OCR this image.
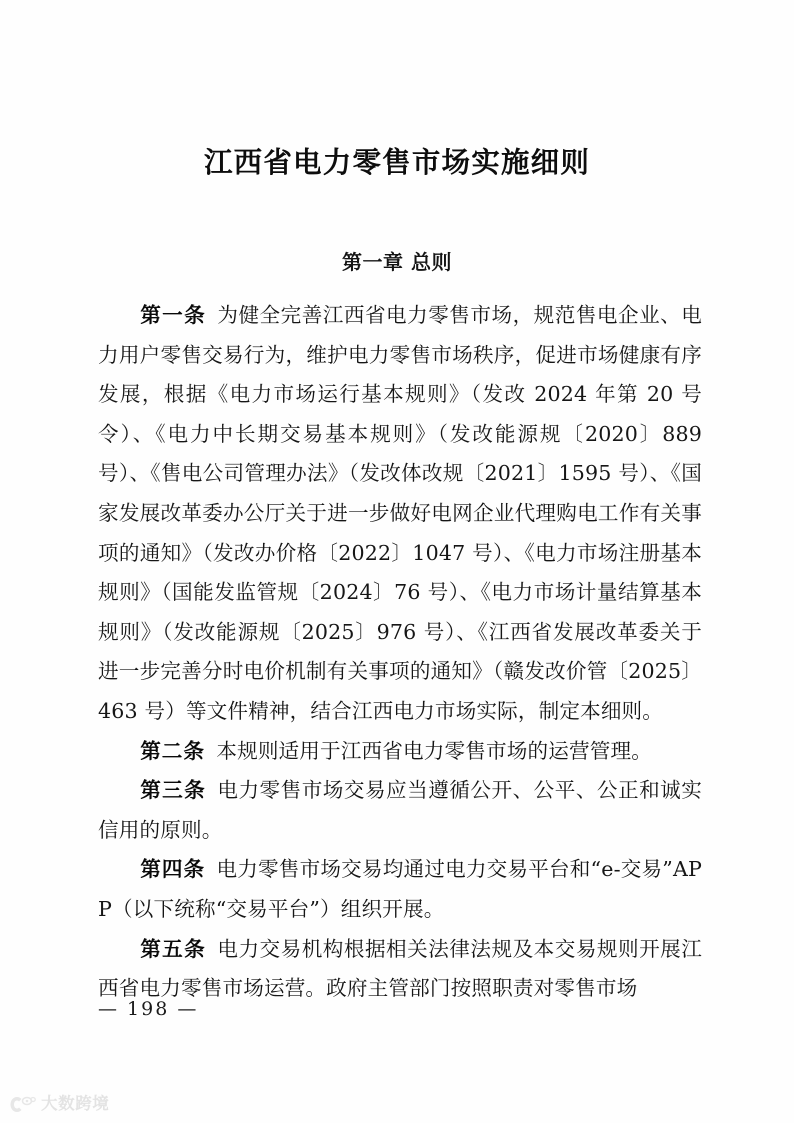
江西省电力零售市场实施细则
第一章 总则

第一条 为健全完善江西省电力零售市场，规范售电企业、电力用户零售交易行为，维护电力零售市场秩序，促进市场健康有序发展，根据《电力市场运行基本规则》（发改 2024 年第 20 号令）、《电力中长期交易基本规则》（发改能源规〔2020〕889 号）、《售电公司管理办法》（发改体改规〔2021〕1595 号）、《国家发展改革委办公厅关于进一步做好电网企业代理购电工作有关事项的通知》（发改办价格〔2022〕1047 号）、《电力市场注册基本规则》（国能发监管规〔2024〕76 号）、《电力市场计量结算基本规则》（发改能源规〔2025〕976 号）、《江西省发展改革委关于进一步完善分时电价机制有关事项的通知》（赣发改价管〔2025〕463 号）等文件精神，结合江西电力市场实际，制定本细则。

第二条 本规则适用于江西省电力零售市场的运营管理。

第三条 电力零售市场交易应当遵循公开、公平、公正和诚实信用的原则。

第四条 电力零售市场交易均通过电力交易平台和“e-交易”APP（以下统称“交易平台”）组织开展。

第五条 电力交易机构根据相关法律法规及本交易规则开展江西省电力零售市场运营。政府主管部门按照职责对零售市场

— 198 —
大数跨境
